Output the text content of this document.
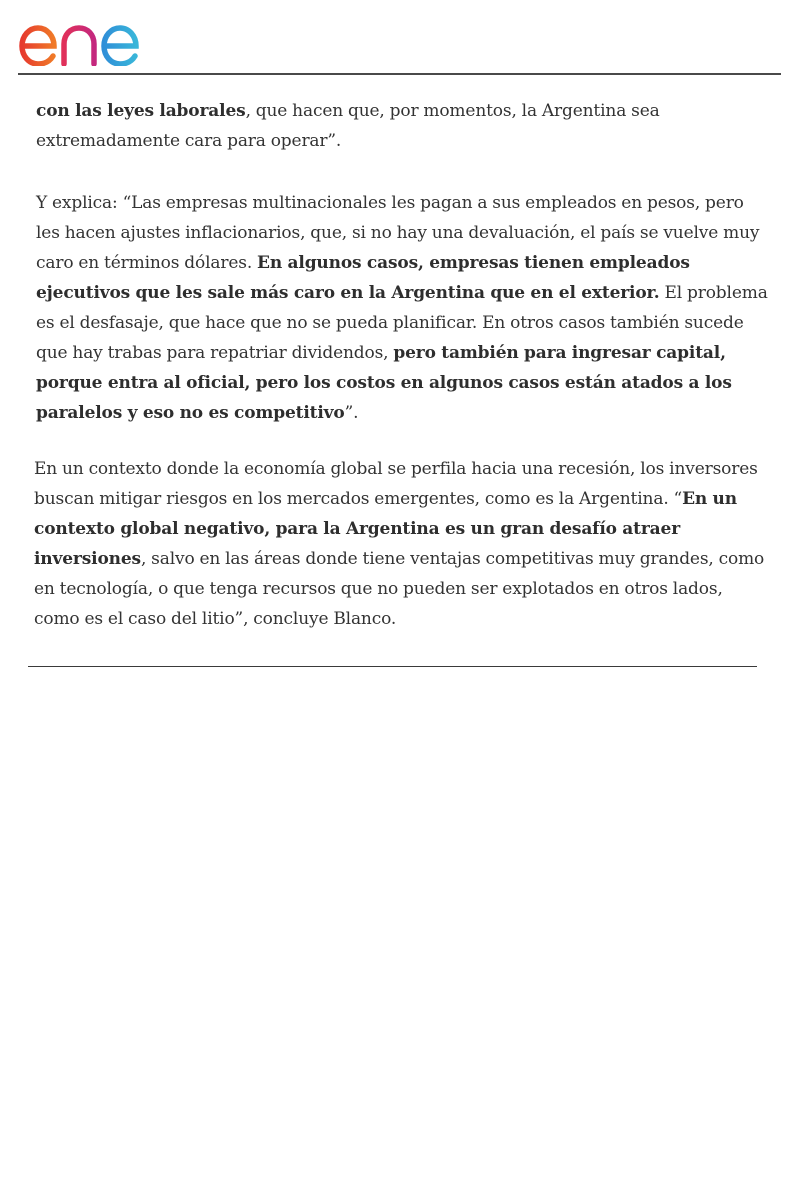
con las leyes laborales, que hacen que, por momentos, la Argentina sea extremadamente cara para operar”.

Y explica: “Las empresas multinacionales les pagan a sus empleados en pesos, pero les hacen ajustes inflacionarios, que, si no hay una devaluación, el país se vuelve muy caro en términos dólares. En algunos casos, empresas tienen empleados ejecutivos que les sale más caro en la Argentina que en el exterior. El problema es el desfasaje, que hace que no se pueda planificar. En otros casos también sucede que hay trabas para repatriar dividendos, pero también para ingresar capital, porque entra al oficial, pero los costos en algunos casos están atados a los paralelos y eso no es competitivo”.

En un contexto donde la economía global se perfila hacia una recesión, los inversores buscan mitigar riesgos en los mercados emergentes, como es la Argentina. “En un contexto global negativo, para la Argentina es un gran desafío atraer inversiones, salvo en las áreas donde tiene ventajas competitivas muy grandes, como en tecnología, o que tenga recursos que no pueden ser explotados en otros lados, como es el caso del litio”, concluye Blanco.
